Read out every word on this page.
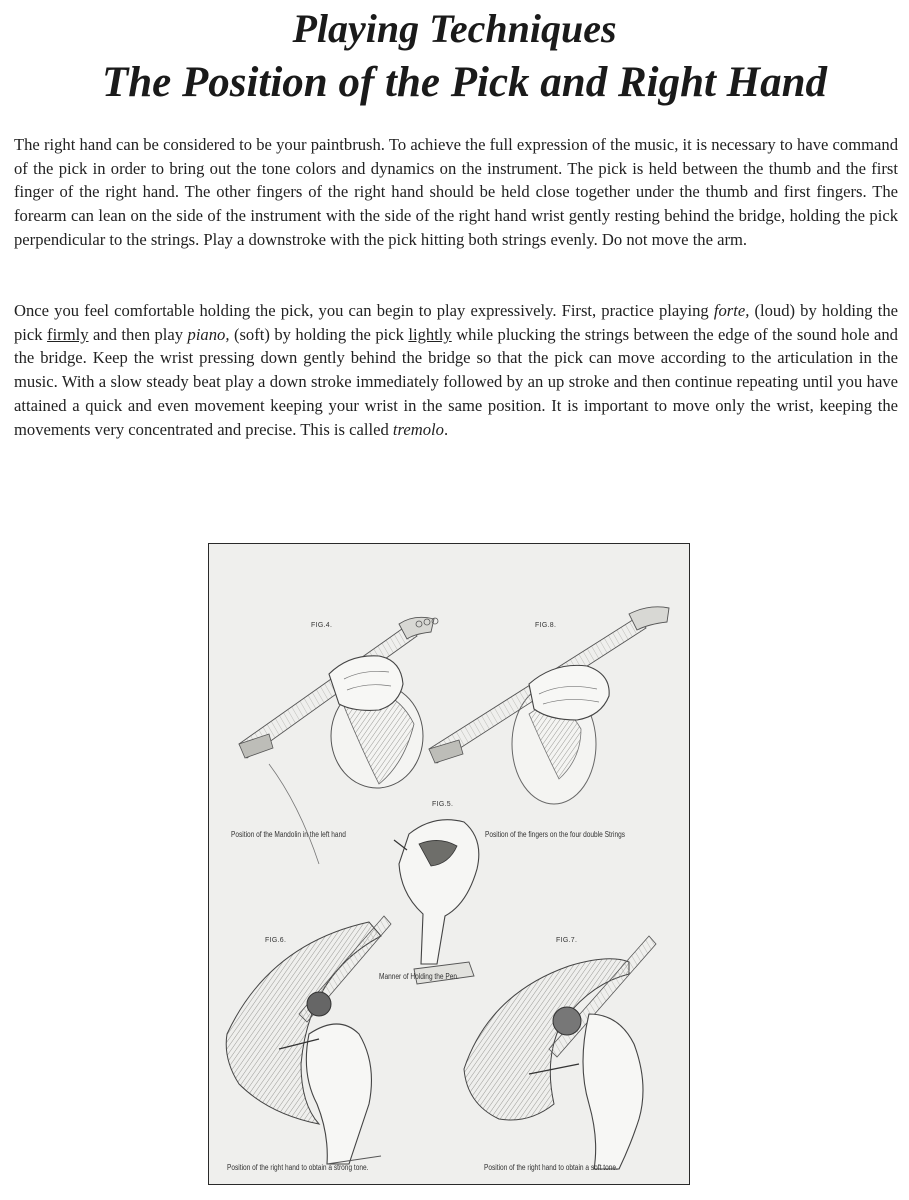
Playing Techniques
The Position of the Pick and Right Hand

The right hand can be considered to be your paintbrush. To achieve the full expression of the music, it is necessary to have command of the pick in order to bring out the tone colors and dynamics on the instrument. The pick is held between the thumb and the first finger of the right hand. The other fingers of the right hand should be held close together under the thumb and first fingers. The forearm can lean on the side of the instrument with the side of the right hand wrist gently resting behind the bridge, holding the pick perpendicular to the strings. Play a downstroke with the pick hitting both strings evenly. Do not move the arm.

Once you feel comfortable holding the pick, you can begin to play expressively. First, practice playing forte, (loud) by holding the pick firmly and then play piano, (soft) by holding the pick lightly while plucking the strings between the edge of the sound hole and the bridge. Keep the wrist pressing down gently behind the bridge so that the pick can move according to the articulation in the music. With a slow steady beat play a down stroke immediately followed by an up stroke and then continue repeating until you have attained a quick and even movement keeping your wrist in the same position. It is important to move only the wrist, keeping the movements very concentrated and precise. This is called tremolo.

FIG.4.	FIG.8.
FIG.5.
FIG.6.	FIG.7.
Position of the Mandolin in the left hand	Position of the fingers on the four double Strings
Manner of Holding the Pen.
Position of the right hand to obtain a strong tone.	Position of the right hand to obtain a soft tone.
